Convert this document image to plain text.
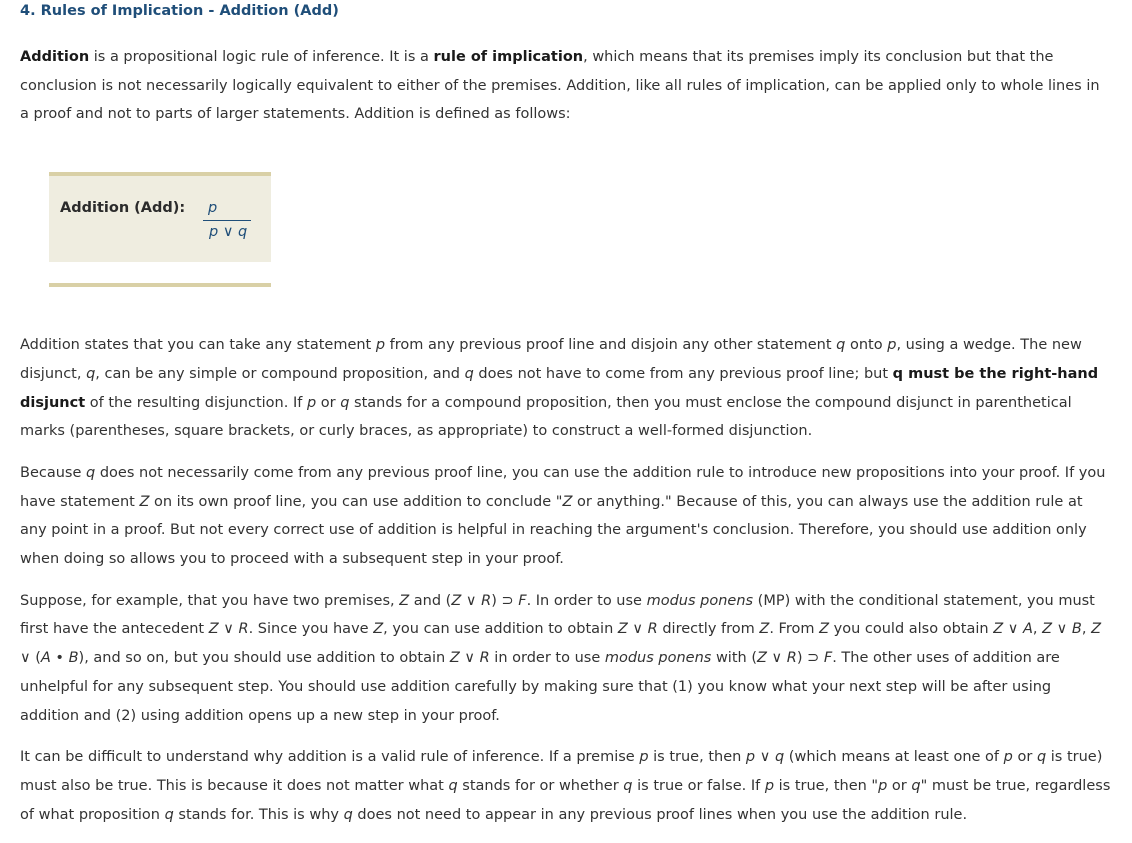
4. Rules of Implication - Addition (Add)

Addition is a propositional logic rule of inference. It is a rule of implication, which means that its premises imply its conclusion but that the conclusion is not necessarily logically equivalent to either of the premises. Addition, like all rules of implication, can be applied only to whole lines in a proof and not to parts of larger statements. Addition is defined as follows:

Addition (Add): p
p ∨ q

Addition states that you can take any statement p from any previous proof line and disjoin any other statement q onto p, using a wedge. The new disjunct, q, can be any simple or compound proposition, and q does not have to come from any previous proof line; but q must be the right-hand disjunct of the resulting disjunction. If p or q stands for a compound proposition, then you must enclose the compound disjunct in parenthetical marks (parentheses, square brackets, or curly braces, as appropriate) to construct a well-formed disjunction.

Because q does not necessarily come from any previous proof line, you can use the addition rule to introduce new propositions into your proof. If you have statement Z on its own proof line, you can use addition to conclude "Z or anything." Because of this, you can always use the addition rule at any point in a proof. But not every correct use of addition is helpful in reaching the argument's conclusion. Therefore, you should use addition only when doing so allows you to proceed with a subsequent step in your proof.

Suppose, for example, that you have two premises, Z and (Z ∨ R) ⊃ F. In order to use modus ponens (MP) with the conditional statement, you must first have the antecedent Z ∨ R. Since you have Z, you can use addition to obtain Z ∨ R directly from Z. From Z you could also obtain Z ∨ A, Z ∨ B, Z ∨ (A • B), and so on, but you should use addition to obtain Z ∨ R in order to use modus ponens with (Z ∨ R) ⊃ F. The other uses of addition are unhelpful for any subsequent step. You should use addition carefully by making sure that (1) you know what your next step will be after using addition and (2) using addition opens up a new step in your proof.

It can be difficult to understand why addition is a valid rule of inference. If a premise p is true, then p ∨ q (which means at least one of p or q is true) must also be true. This is because it does not matter what q stands for or whether q is true or false. If p is true, then "p or q" must be true, regardless of what proposition q stands for. This is why q does not need to appear in any previous proof lines when you use the addition rule.
